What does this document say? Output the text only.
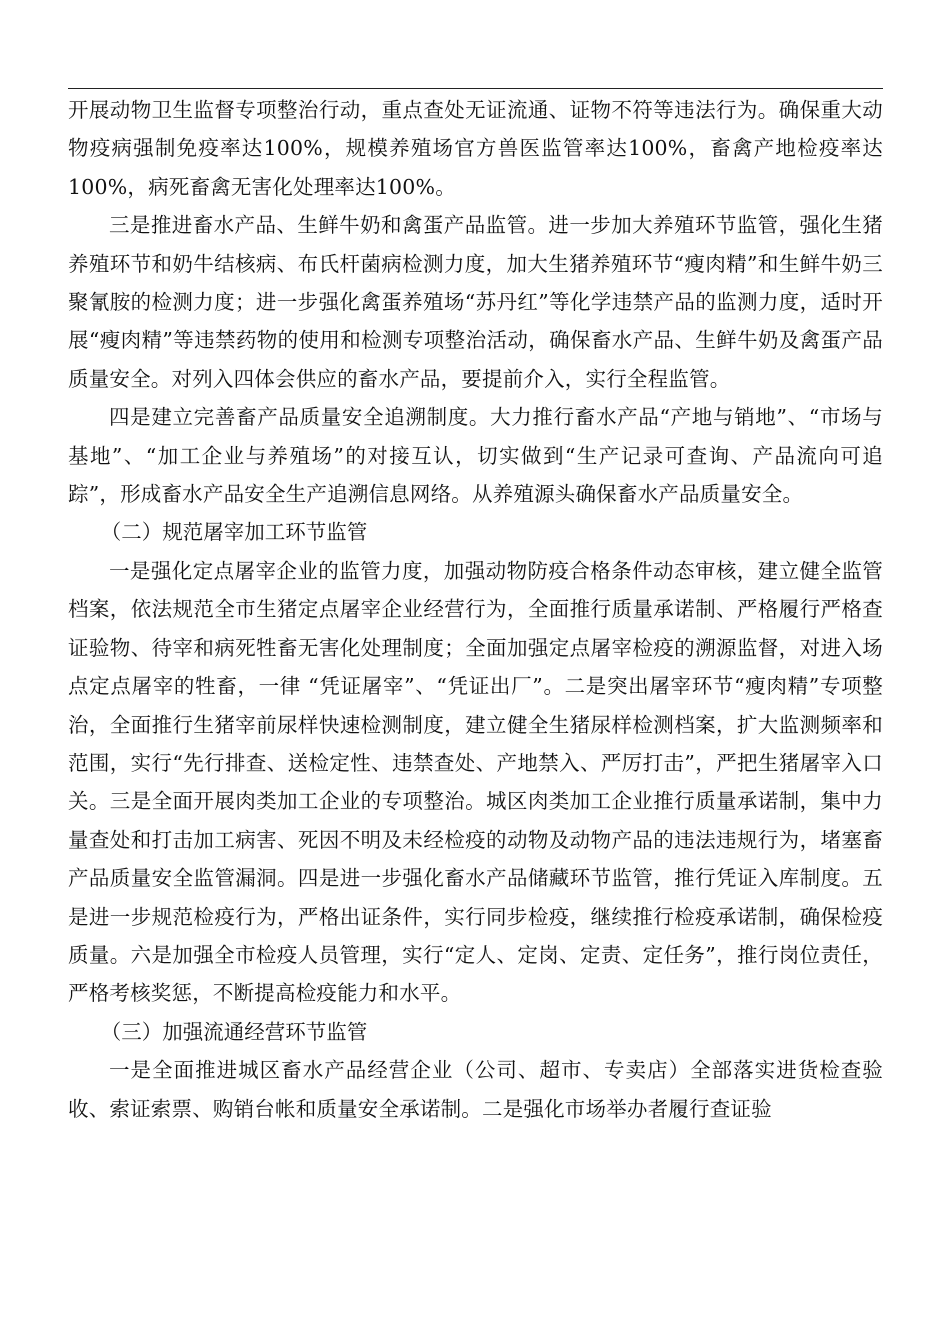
开展动物卫生监督专项整治行动，重点查处无证流通、证物不符等违法行为。确保重大动物疫病强制免疫率达100%，规模养殖场官方兽医监管率达100%，畜禽产地检疫率达100%，病死畜禽无害化处理率达100%。

三是推进畜水产品、生鲜牛奶和禽蛋产品监管。进一步加大养殖环节监管，强化生猪养殖环节和奶牛结核病、布氏杆菌病检测力度，加大生猪养殖环节“瘦肉精”和生鲜牛奶三聚氰胺的检测力度；进一步强化禽蛋养殖场“苏丹红”等化学违禁产品的监测力度，适时开展“瘦肉精”等违禁药物的使用和检测专项整治活动，确保畜水产品、生鲜牛奶及禽蛋产品质量安全。对列入四体会供应的畜水产品，要提前介入，实行全程监管。

四是建立完善畜产品质量安全追溯制度。大力推行畜水产品“产地与销地”、“市场与基地”、“加工企业与养殖场”的对接互认，切实做到“生产记录可查询、产品流向可追踪”，形成畜水产品安全生产追溯信息网络。从养殖源头确保畜水产品质量安全。

（二）规范屠宰加工环节监管

一是强化定点屠宰企业的监管力度，加强动物防疫合格条件动态审核，建立健全监管档案，依法规范全市生猪定点屠宰企业经营行为，全面推行质量承诺制、严格履行严格查证验物、待宰和病死牲畜无害化处理制度；全面加强定点屠宰检疫的溯源监督，对进入场点定点屠宰的牲畜，一律 “凭证屠宰”、“凭证出厂”。二是突出屠宰环节“瘦肉精”专项整治，全面推行生猪宰前尿样快速检测制度，建立健全生猪尿样检测档案，扩大监测频率和范围，实行“先行排查、送检定性、违禁查处、产地禁入、严厉打击”，严把生猪屠宰入口关。三是全面开展肉类加工企业的专项整治。城区肉类加工企业推行质量承诺制，集中力量查处和打击加工病害、死因不明及未经检疫的动物及动物产品的违法违规行为，堵塞畜产品质量安全监管漏洞。四是进一步强化畜水产品储藏环节监管，推行凭证入库制度。五是进一步规范检疫行为，严格出证条件，实行同步检疫，继续推行检疫承诺制，确保检疫质量。六是加强全市检疫人员管理，实行“定人、定岗、定责、定任务”，推行岗位责任，严格考核奖惩，不断提高检疫能力和水平。

（三）加强流通经营环节监管

一是全面推进城区畜水产品经营企业（公司、超市、专卖店）全部落实进货检查验收、索证索票、购销台帐和质量安全承诺制。二是强化市场举办者履行查证验
